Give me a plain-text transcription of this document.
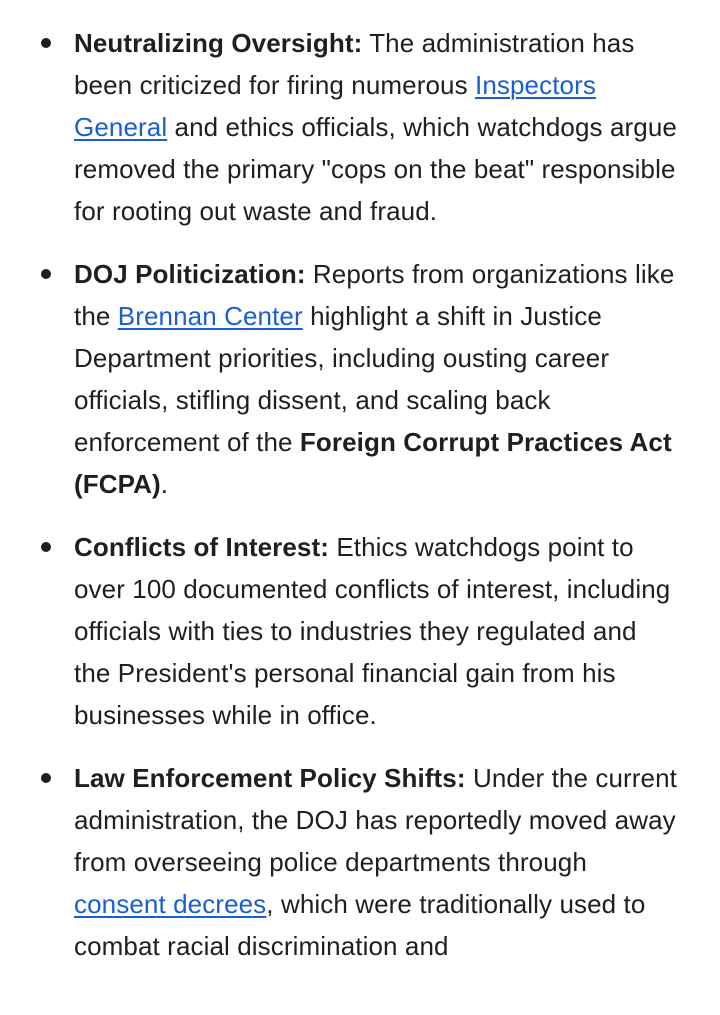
Neutralizing Oversight: The administration has been criticized for firing numerous Inspectors General and ethics officials, which watchdogs argue removed the primary "cops on the beat" responsible for rooting out waste and fraud.
DOJ Politicization: Reports from organizations like the Brennan Center highlight a shift in Justice Department priorities, including ousting career officials, stifling dissent, and scaling back enforcement of the Foreign Corrupt Practices Act (FCPA).
Conflicts of Interest: Ethics watchdogs point to over 100 documented conflicts of interest, including officials with ties to industries they regulated and the President's personal financial gain from his businesses while in office.
Law Enforcement Policy Shifts: Under the current administration, the DOJ has reportedly moved away from overseeing police departments through consent decrees, which were traditionally used to combat racial discrimination and
